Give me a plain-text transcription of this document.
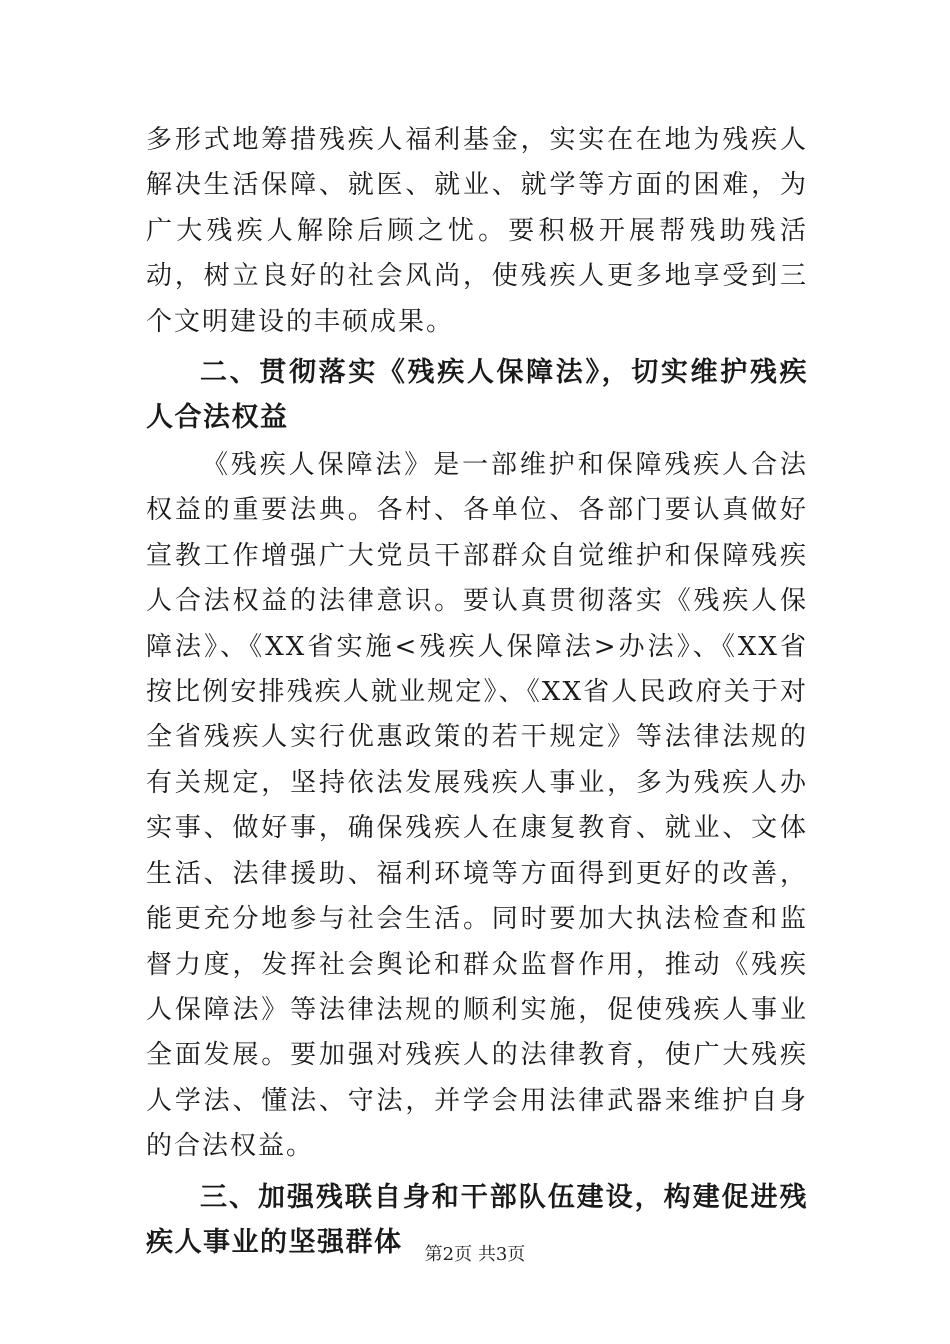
多形式地筹措残疾人福利基金，实实在在地为残疾人解决生活保障、就医、就业、就学等方面的困难，为广大残疾人解除后顾之忧。要积极开展帮残助残活动，树立良好的社会风尚，使残疾人更多地享受到三个文明建设的丰硕成果。

二、贯彻落实《残疾人保障法》，切实维护残疾人合法权益

《残疾人保障法》是一部维护和保障残疾人合法权益的重要法典。各村、各单位、各部门要认真做好宣教工作增强广大党员干部群众自觉维护和保障残疾人合法权益的法律意识。要认真贯彻落实《残疾人保障法》、《XX省实施<残疾人保障法>办法》、《XX省按比例安排残疾人就业规定》、《XX省人民政府关于对全省残疾人实行优惠政策的若干规定》等法律法规的有关规定，坚持依法发展残疾人事业，多为残疾人办实事、做好事，确保残疾人在康复教育、就业、文体生活、法律援助、福利环境等方面得到更好的改善，能更充分地参与社会生活。同时要加大执法检查和监督力度，发挥社会舆论和群众监督作用，推动《残疾人保障法》等法律法规的顺利实施，促使残疾人事业全面发展。要加强对残疾人的法律教育，使广大残疾人学法、懂法、守法，并学会用法律武器来维护自身的合法权益。

三、加强残联自身和干部队伍建设，构建促进残疾人事业的坚强群体	第2页 共3页
